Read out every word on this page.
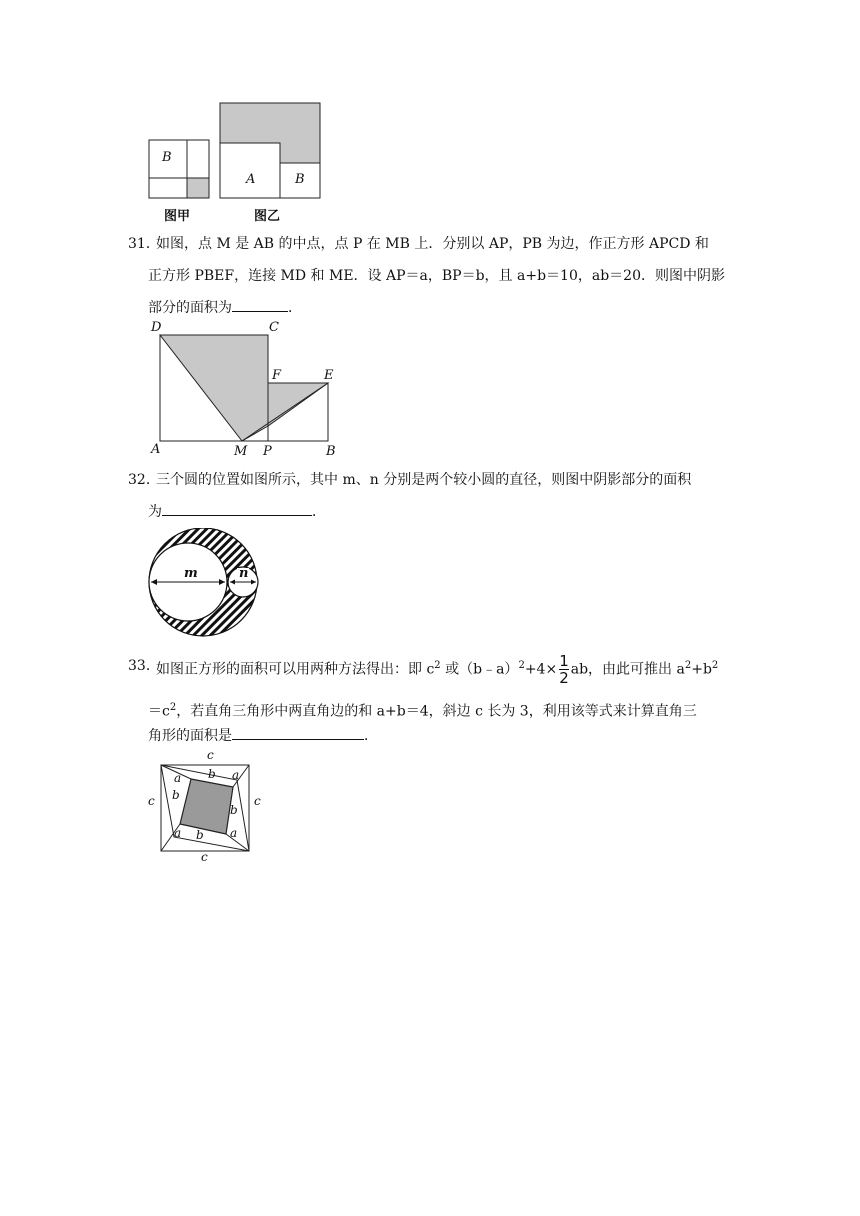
B
A	B
图甲	图乙
31．
如图，点 M 是 AB 的中点，点 P 在 MB 上．分别以 AP，PB 为边，作正方形 APCD 和
正方形 PBEF，连接 MD 和 ME．设 AP＝a，BP＝b，且 a+b＝10，ab＝20．则图中阴影
部分的面积为	．
D	C
F	E
A	M P	B
32．
三个圆的位置如图所示，其中 m、n 分别是两个较小圆的直径，则图中阴影部分的面积
为	．
m	n
33．
如图正方形的面积可以用两种方法得出：即 $c^2$ 或（b﹣a）$^2$+4× $\frac{1}{2}$ ab，由此可推出 $a^2+b^2$
$=c^2$，若直角三角形中两直角边的和 a+b＝4，斜边 c 长为 3，利用该等式来计算直角三
角形的面积是	．
c
c	c
c
a b a
b
b
a b a
